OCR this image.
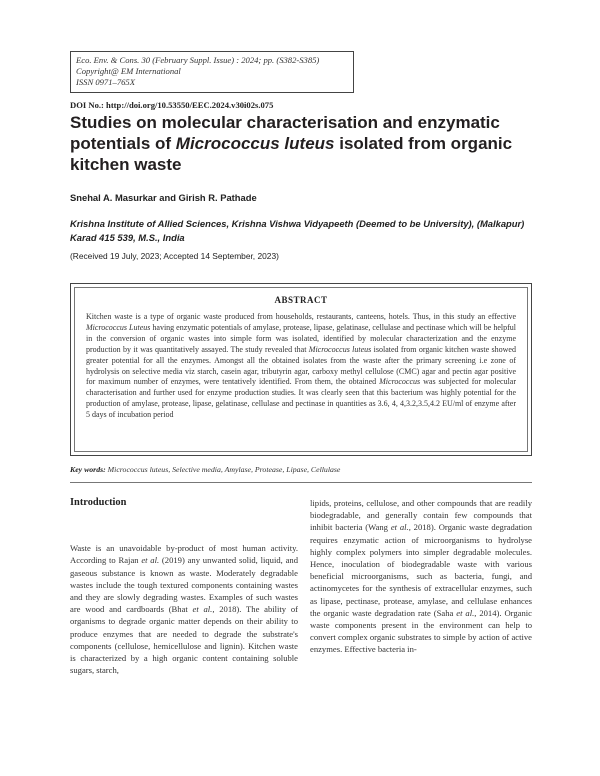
Eco. Env. & Cons. 30 (February Suppl. Issue) : 2024; pp. (S382-S385)
Copyright@ EM International
ISSN 0971–765X
DOI No.: http://doi.org/10.53550/EEC.2024.v30i02s.075
Studies on molecular characterisation and enzymatic potentials of Micrococcus luteus isolated from organic kitchen waste
Snehal A. Masurkar and Girish R. Pathade
Krishna Institute of Allied Sciences, Krishna Vishwa Vidyapeeth (Deemed to be University), (Malkapur) Karad 415 539, M.S., India
(Received 19 July, 2023; Accepted 14 September, 2023)
ABSTRACT
Kitchen waste is a type of organic waste produced from households, restaurants, canteens, hotels. Thus, in this study an effective Micrococcus Luteus having enzymatic potentials of amylase, protease, lipase, gelatinase, cellulase and pectinase which will be helpful in the conversion of organic wastes into simple form was isolated, identified by molecular characterization and the enzyme production by it was quantitatively assayed. The study revealed that Micrococcus luteus isolated from organic kitchen waste showed greater potential for all the enzymes. Amongst all the obtained isolates from the waste after the primary screening i.e zone of hydrolysis on selective media viz starch, casein agar, tributyrin agar, carboxy methyl cellulose (CMC) agar and pectin agar positive for maximum number of enzymes, were tentatively identified. From them, the obtained Micrococcus was subjected for molecular characterisation and further used for enzyme production studies. It was clearly seen that this bacterium was highly potential for the production of amylase, protease, lipase, gelatinase, cellulase and pectinase in quantities as 3.6, 4, 4,3.2,3.5,4.2 EU/ml of enzyme after 5 days of incubation period
Key words: Micrococcus luteus, Selective media, Amylase, Protease, Lipase, Cellulase
Introduction

Waste is an unavoidable by-product of most human activity. According to Rajan et al. (2019) any unwanted solid, liquid, and gaseous substance is known as waste. Moderately degradable wastes include the tough textured components containing wastes and they are slowly degrading wastes. Examples of such wastes are wood and cardboards (Bhat et al., 2018). The ability of organisms to degrade organic matter depends on their ability to produce enzymes that are needed to degrade the substrate's components (cellulose, hemicellulose and lignin). Kitchen waste is characterized by a high organic content containing soluble sugars, starch,

lipids, proteins, cellulose, and other compounds that are readily biodegradable, and generally contain few compounds that inhibit bacteria (Wang et al., 2018). Organic waste degradation requires enzymatic action of microorganisms to hydrolyse highly complex polymers into simpler degradable molecules. Hence, inoculation of biodegradable waste with various beneficial microorganisms, such as bacteria, fungi, and actinomycetes for the synthesis of extracellular enzymes, such as lipase, pectinase, protease, amylase, and cellulase enhances the organic waste degradation rate (Saha et al., 2014). Organic waste components present in the environment can help to convert complex organic substrates to simple by action of active enzymes. Effective bacteria in-
